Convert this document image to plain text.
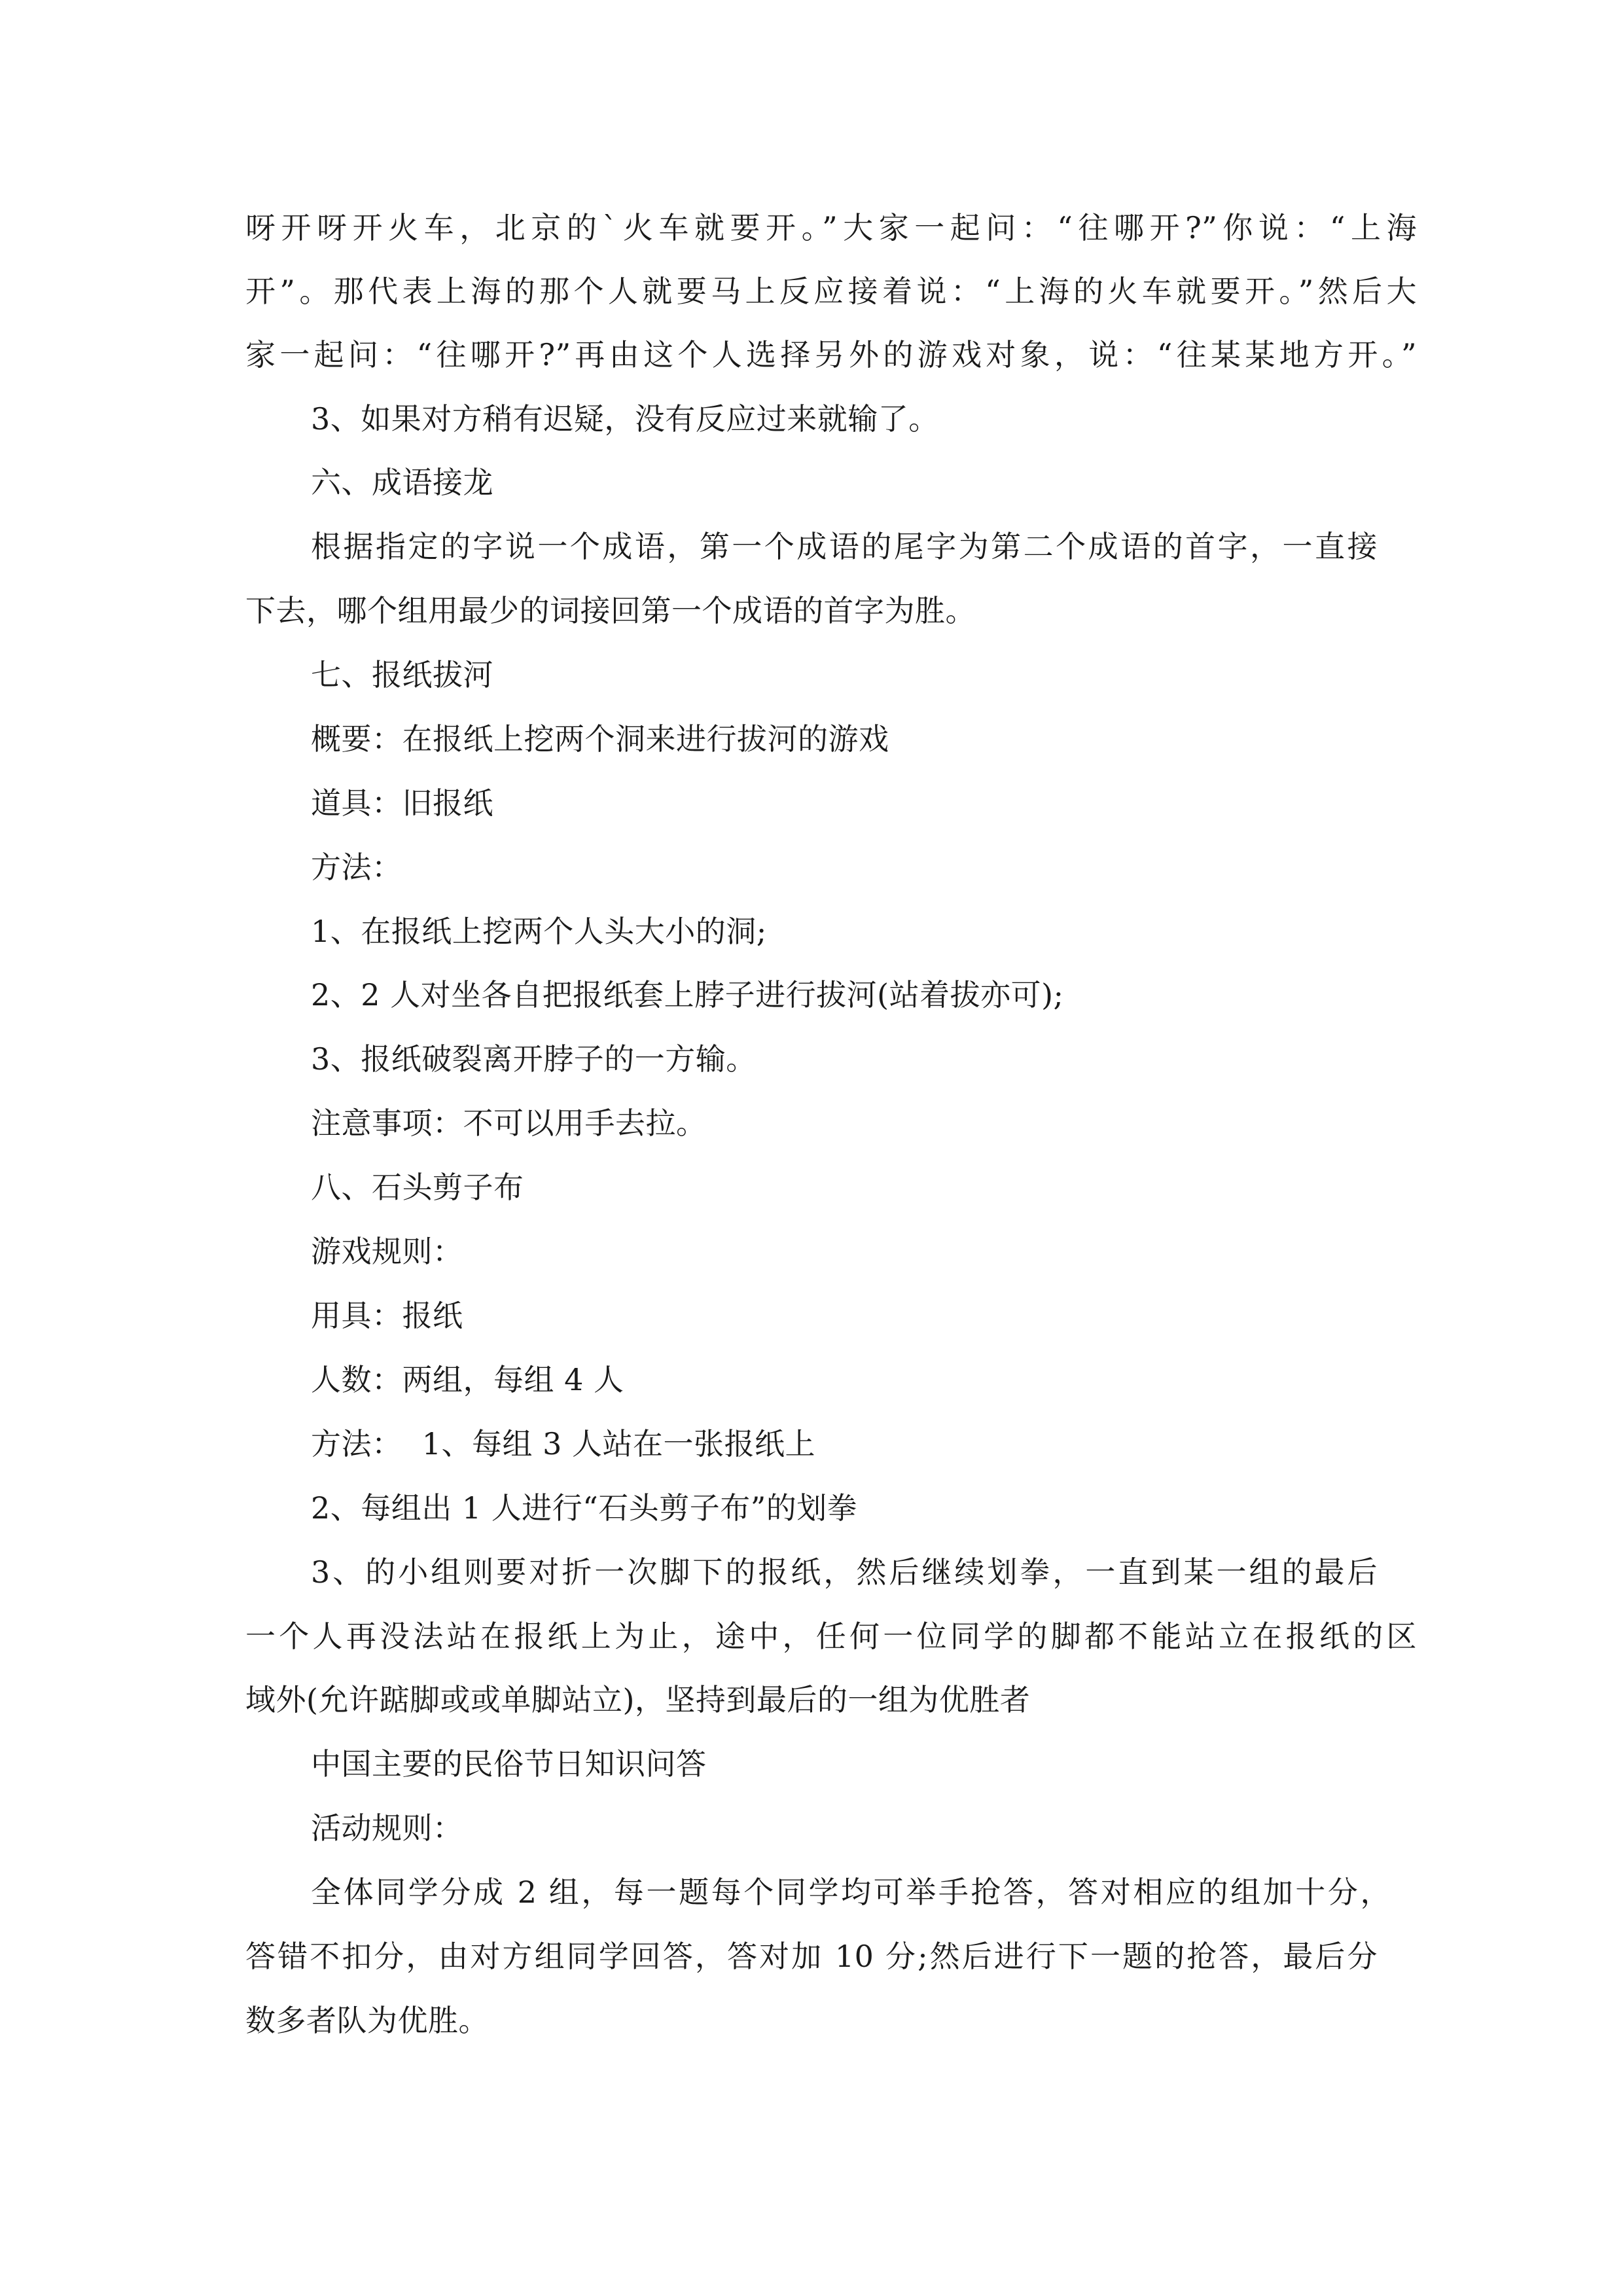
呀开呀开火车，北京的`火车就要开。”大家一起问：“往哪开?”你说：“上海
开”。那代表上海的那个人就要马上反应接着说：“上海的火车就要开。”然后大
家一起问：“往哪开?”再由这个人选择另外的游戏对象，说：“往某某地方开。”
3、如果对方稍有迟疑，没有反应过来就输了。
六、成语接龙
根据指定的字说一个成语，第一个成语的尾字为第二个成语的首字，一直接
下去，哪个组用最少的词接回第一个成语的首字为胜。
七、报纸拔河
概要：在报纸上挖两个洞来进行拔河的游戏
道具：旧报纸
方法：
1、在报纸上挖两个人头大小的洞;
2、2 人对坐各自把报纸套上脖子进行拔河(站着拔亦可);
3、报纸破裂离开脖子的一方输。
注意事项：不可以用手去拉。
八、石头剪子布
游戏规则：
用具：报纸
人数：两组，每组 4 人
方法：  1、每组 3 人站在一张报纸上
2、每组出 1 人进行“石头剪子布”的划拳
3、的小组则要对折一次脚下的报纸，然后继续划拳，一直到某一组的最后
一个人再没法站在报纸上为止，途中，任何一位同学的脚都不能站立在报纸的区
域外(允许踮脚或或单脚站立)，坚持到最后的一组为优胜者
中国主要的民俗节日知识问答
活动规则：
全体同学分成 2 组，每一题每个同学均可举手抢答，答对相应的组加十分，
答错不扣分，由对方组同学回答，答对加 10 分;然后进行下一题的抢答，最后分
数多者队为优胜。
